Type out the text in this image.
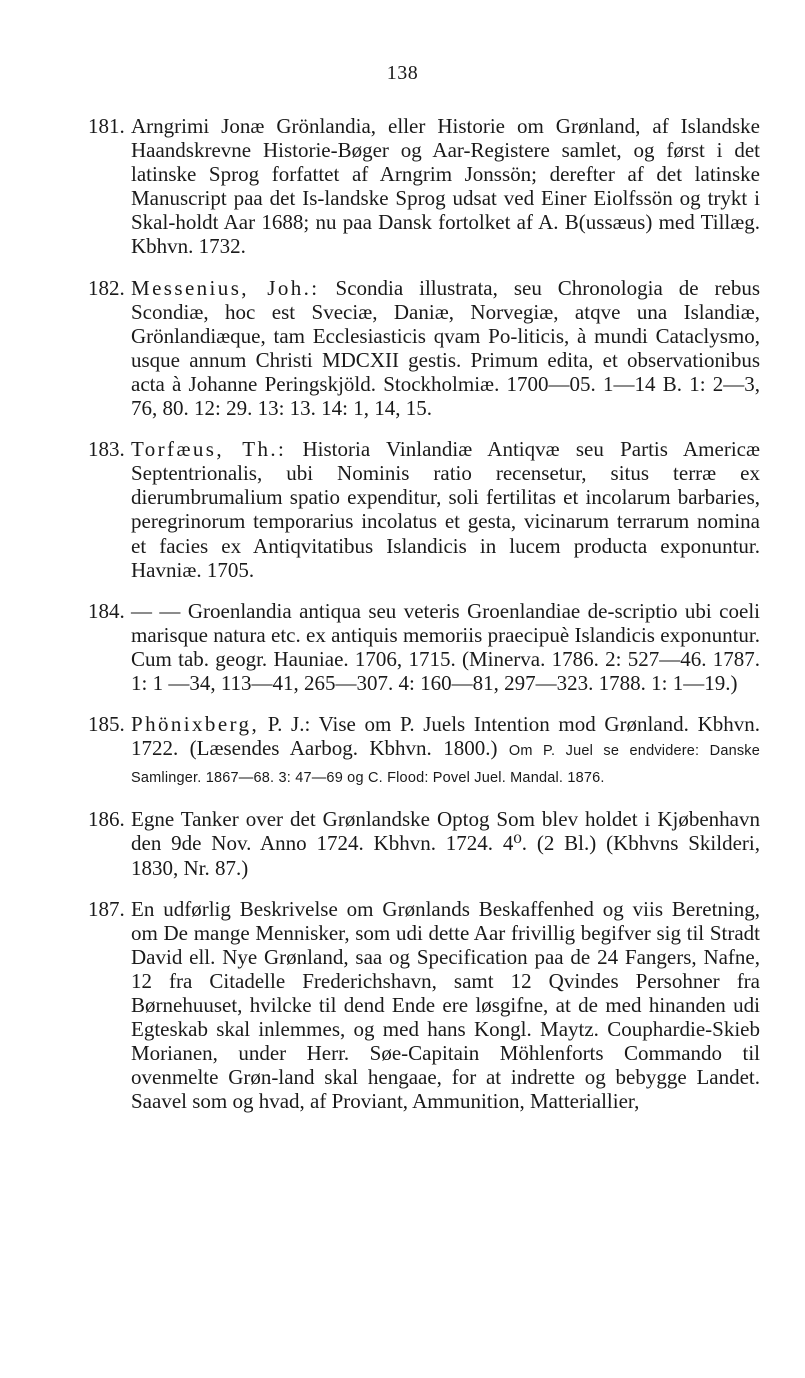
138
181. Arngrimi Jonæ Grönlandia, eller Historie om Grønland, af Islandske Haandskrevne Historie-Bøger og Aar-Registere samlet, og først i det latinske Sprog forfattet af Arngrim Jonssön; derefter af det latinske Manuscript paa det Is-landske Sprog udsat ved Einer Eiolfssön og trykt i Skal-holdt Aar 1688; nu paa Dansk fortolket af A. B(ussæus) med Tillæg. Kbhvn. 1732.
182. Messenius, Joh.: Scondia illustrata, seu Chronologia de rebus Scondiæ, hoc est Sveciæ, Daniæ, Norvegiæ, atqve una Islandiæ, Grönlandiæque, tam Ecclesiasticis qvam Po-liticis, à mundi Cataclysmo, usque annum Christi MDCXII gestis. Primum edita, et observationibus acta à Johanne Peringskjöld. Stockholmiæ. 1700—05. 1—14 B. 1: 2—3, 76, 80. 12: 29. 13: 13. 14: 1, 14, 15.
183. Torfæus, Th.: Historia Vinlandiæ Antiqvæ seu Partis Americæ Septentrionalis, ubi Nominis ratio recensetur, situs terræ ex dierumbrumalium spatio expenditur, soli fertilitas et incolarum barbaries, peregrinorum temporarius incolatus et gesta, vicinarum terrarum nomina et facies ex Antiqvitatibus Islandicis in lucem producta exponuntur. Havniæ. 1705.
184. — — Groenlandia antiqua seu veteris Groenlandiae de-scriptio ubi coeli marisque natura etc. ex antiquis memoriis praecipuè Islandicis exponuntur. Cum tab. geogr. Hauniae. 1706, 1715. (Minerva. 1786. 2: 527—46. 1787. 1: 1 —34, 113—41, 265—307. 4: 160—81, 297—323. 1788. 1: 1—19.)
185. Phönixberg, P. J.: Vise om P. Juels Intention mod Grønland. Kbhvn. 1722. (Læsendes Aarbog. Kbhvn. 1800.) Om P. Juel se endvidere: Danske Samlinger. 1867—68. 3: 47—69 og C. Flood: Povel Juel. Mandal. 1876.
186. Egne Tanker over det Grønlandske Optog Som blev holdet i Kjøbenhavn den 9de Nov. Anno 1724. Kbhvn. 1724. 4⁰. (2 Bl.) (Kbhvns Skilderi, 1830, Nr. 87.)
187. En udførlig Beskrivelse om Grønlands Beskaffenhed og viis Beretning, om De mange Mennisker, som udi dette Aar frivillig begifver sig til Stradt David ell. Nye Grønland, saa og Specification paa de 24 Fangers, Nafne, 12 fra Citadelle Frederichshavn, samt 12 Qvindes Persohner fra Børnehuuset, hvilcke til dend Ende ere løsgifne, at de med hinanden udi Egteskab skal inlemmes, og med hans Kongl. Maytz. Couphardie-Skieb Morianen, under Herr. Søe-Capitain Möhlenforts Commando til ovenmelte Grøn-land skal hengaae, for at indrette og bebygge Landet. Saavel som og hvad, af Proviant, Ammunition, Matteriallier,
